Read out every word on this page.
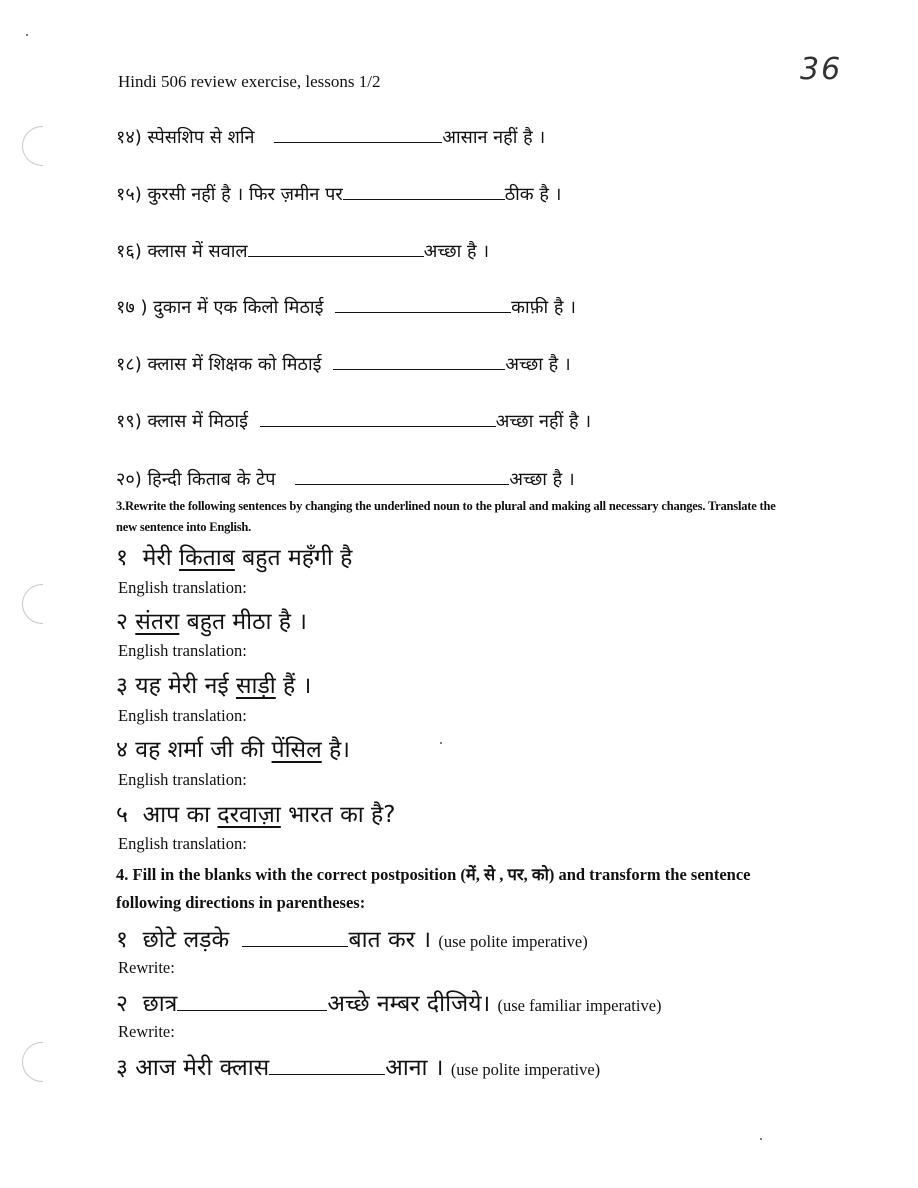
Hindi 506 review exercise, lessons 1/2	36
१४) स्पेसशिप से शनि	आसान नहीं है ।
१५) कुरसी नहीं है । फिर ज़मीन पर	ठीक है ।
१६) क्लास में सवाल	अच्छा है ।
१७ ) दुकान में एक किलो मिठाई	काफ़ी है ।
१८) क्लास में शिक्षक को मिठाई	अच्छा है ।
१९) क्लास में मिठाई	अच्छा नहीं है ।
२०) हिन्दी किताब के टेप	अच्छा है ।
3.Rewrite the following sentences by changing the underlined noun to the plural and making all necessary changes. Translate the new sentence into English.
१ मेरी किताब बहुत महँगी है
English translation:
२ संतरा बहुत मीठा है ।
English translation:
३ यह मेरी नई साड़ी हैं ।
English translation:
४ वह शर्मा जी की पेंसिल है।
English translation:
५ आप का दरवाज़ा भारत का है?
English translation:
4. Fill in the blanks with the correct postposition (में, से , पर, को) and transform the sentence following directions in parentheses:
१ छोटे लड़के	बात कर । (use polite imperative)
Rewrite:
२ छात्र	अच्छे नम्बर दीजिये। (use familiar imperative)
Rewrite:
३ आज मेरी क्लास	आना । (use polite imperative)
